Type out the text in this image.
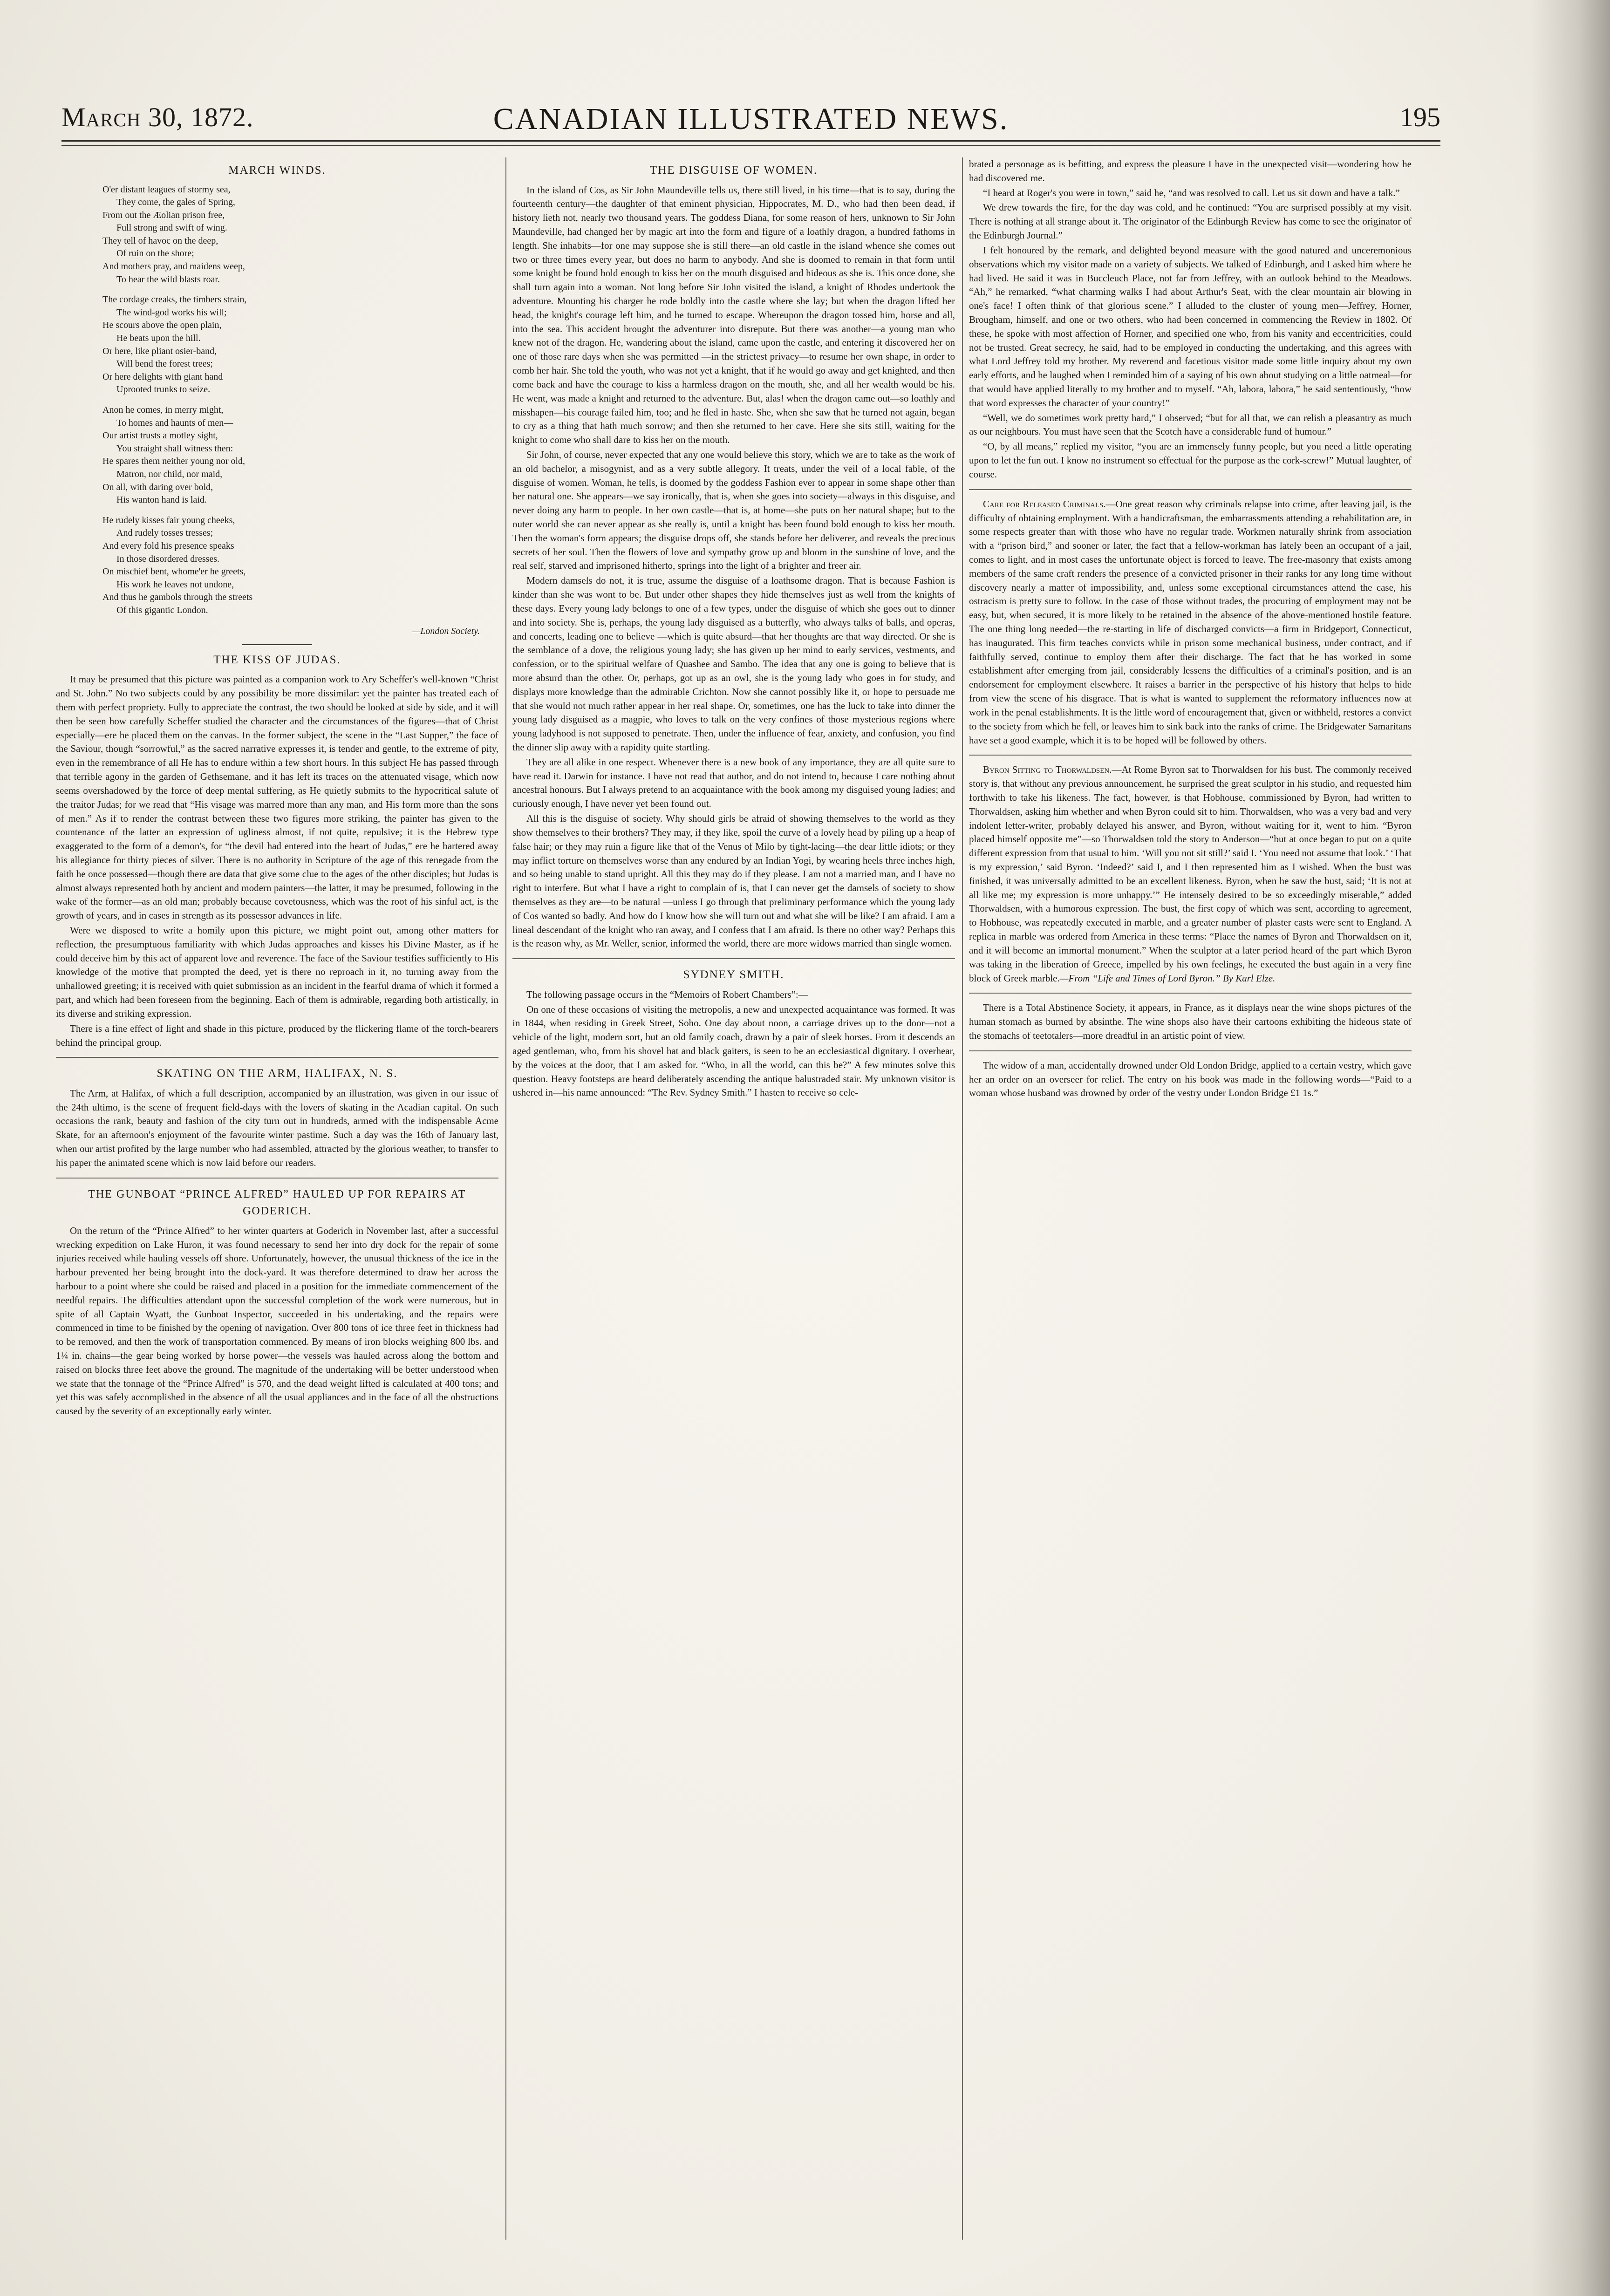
CANADIAN ILLUSTRATED NEWS.
March 30, 1872.	195
MARCH WINDS.
O'er distant leagues of stormy sea,
They come, the gales of Spring,
From out the Æolian prison free,
Full strong and swift of wing.
They tell of havoc on the deep,
Of ruin on the shore;
And mothers pray, and maidens weep,
To hear the wild blasts roar.
The cordage creaks, the timbers strain,
The wind-god works his will;
He scours above the open plain,
He beats upon the hill.
Or here, like pliant osier-band,
Will bend the forest trees;
Or here delights with giant hand
Uprooted trunks to seize.
Anon he comes, in merry might,
To homes and haunts of men—
Our artist trusts a motley sight,
You straight shall witness then:
He spares them neither young nor old,
Matron, nor child, nor maid,
On all, with daring over bold,
His wanton hand is laid.
He rudely kisses fair young cheeks,
And rudely tosses tresses;
And every fold his presence speaks
In those disordered dresses.
On mischief bent, whome'er he greets,
His work he leaves not undone,
And thus he gambols through the streets
Of this gigantic London.
—London Society.
THE KISS OF JUDAS.

It may be presumed that this picture was painted as a companion work to Ary Scheffer's well-known “Christ and St. John.” No two subjects could by any possibility be more dissimilar: yet the painter has treated each of them with perfect propriety. Fully to appreciate the contrast, the two should be looked at side by side, and it will then be seen how carefully Scheffer studied the character and the circumstances of the figures—that of Christ especially—ere he placed them on the canvas. In the former subject, the scene in the “Last Supper,” the face of the Saviour, though “sorrowful,” as the sacred narrative expresses it, is tender and gentle, to the extreme of pity, even in the remembrance of all He has to endure within a few short hours. In this subject He has passed through that terrible agony in the garden of Gethsemane, and it has left its traces on the attenuated visage, which now seems overshadowed by the force of deep mental suffering, as He quietly submits to the hypocritical salute of the traitor Judas; for we read that “His visage was marred more than any man, and His form more than the sons of men.” As if to render the contrast between these two figures more striking, the painter has given to the countenance of the latter an expression of ugliness almost, if not quite, repulsive; it is the Hebrew type exaggerated to the form of a demon's, for “the devil had entered into the heart of Judas,” ere he bartered away his allegiance for thirty pieces of silver. There is no authority in Scripture of the age of this renegade from the faith he once possessed—though there are data that give some clue to the ages of the other disciples; but Judas is almost always represented both by ancient and modern painters—the latter, it may be presumed, following in the wake of the former—as an old man; probably because covetousness, which was the root of his sinful act, is the growth of years, and in cases in strength as its possessor advances in life.

Were we disposed to write a homily upon this picture, we might point out, among other matters for reflection, the presumptuous familiarity with which Judas approaches and kisses his Divine Master, as if he could deceive him by this act of apparent love and reverence. The face of the Saviour testifies sufficiently to His knowledge of the motive that prompted the deed, yet is there no reproach in it, no turning away from the unhallowed greeting; it is received with quiet submission as an incident in the fearful drama of which it formed a part, and which had been foreseen from the beginning. Each of them is admirable, regarding both artistically, in its diverse and striking expression.

There is a fine effect of light and shade in this picture, produced by the flickering flame of the torch-bearers behind the principal group.

SKATING ON THE ARM, HALIFAX, N. S.

The Arm, at Halifax, of which a full description, accompanied by an illustration, was given in our issue of the 24th ultimo, is the scene of frequent field-days with the lovers of skating in the Acadian capital. On such occasions the rank, beauty and fashion of the city turn out in hundreds, armed with the indispensable Acme Skate, for an afternoon's enjoyment of the favourite winter pastime. Such a day was the 16th of January last, when our artist profited by the large number who had assembled, attracted by the glorious weather, to transfer to his paper the animated scene which is now laid before our readers.

THE GUNBOAT “PRINCE ALFRED” HAULED UP FOR REPAIRS AT GODERICH.

On the return of the “Prince Alfred” to her winter quarters at Goderich in November last, after a successful wrecking expedition on Lake Huron, it was found necessary to send her into dry dock for the repair of some injuries received while hauling vessels off shore. Unfortunately, however, the unusual thickness of the ice in the harbour prevented her being brought into the dock-yard. It was therefore determined to draw her across the harbour to a point where she could be raised and placed in a position for the immediate commencement of the needful repairs. The difficulties attendant upon the successful completion of the work were numerous, but in spite of all Captain Wyatt, the Gunboat Inspector, succeeded in his undertaking, and the repairs were commenced in time to be finished by the opening of navigation. Over 800 tons of ice three feet in thickness had to be removed, and then the work of transportation commenced. By means of iron blocks weighing 800 lbs. and 1¼ in. chains—the gear being worked by horse power—the vessels was hauled across along the bottom and raised on blocks three feet above the ground. The magnitude of the undertaking will be better understood when we state that the tonnage of the “Prince Alfred” is 570, and the dead weight lifted is calculated at 400 tons; and yet this was safely accomplished in the absence of all the usual appliances and in the face of all the obstructions caused by the severity of an exceptionally early winter.

THE DISGUISE OF WOMEN.

In the island of Cos, as Sir John Maundeville tells us, there still lived, in his time—that is to say, during the fourteenth century—the daughter of that eminent physician, Hippocrates, M. D., who had then been dead, if history lieth not, nearly two thousand years. The goddess Diana, for some reason of hers, unknown to Sir John Maundeville, had changed her by magic art into the form and figure of a loathly dragon, a hundred fathoms in length. She inhabits—for one may suppose she is still there—an old castle in the island whence she comes out two or three times every year, but does no harm to anybody. And she is doomed to remain in that form until some knight be found bold enough to kiss her on the mouth disguised and hideous as she is. This once done, she shall turn again into a woman. Not long before Sir John visited the island, a knight of Rhodes undertook the adventure. Mounting his charger he rode boldly into the castle where she lay; but when the dragon lifted her head, the knight's courage left him, and he turned to escape. Whereupon the dragon tossed him, horse and all, into the sea. This accident brought the adventurer into disrepute. But there was another—a young man who knew not of the dragon. He, wandering about the island, came upon the castle, and entering it discovered her on one of those rare days when she was permitted —in the strictest privacy—to resume her own shape, in order to comb her hair. She told the youth, who was not yet a knight, that if he would go away and get knighted, and then come back and have the courage to kiss a harmless dragon on the mouth, she, and all her wealth would be his. He went, was made a knight and returned to the adventure. But, alas! when the dragon came out—so loathly and misshapen—his courage failed him, too; and he fled in haste. She, when she saw that he turned not again, began to cry as a thing that hath much sorrow; and then she returned to her cave. Here she sits still, waiting for the knight to come who shall dare to kiss her on the mouth.

Sir John, of course, never expected that any one would believe this story, which we are to take as the work of an old bachelor, a misogynist, and as a very subtle allegory. It treats, under the veil of a local fable, of the disguise of women. Woman, he tells, is doomed by the goddess Fashion ever to appear in some shape other than her natural one. She appears—we say ironically, that is, when she goes into society—always in this disguise, and never doing any harm to people. In her own castle—that is, at home—she puts on her natural shape; but to the outer world she can never appear as she really is, until a knight has been found bold enough to kiss her mouth. Then the woman's form appears; the disguise drops off, she stands before her deliverer, and reveals the precious secrets of her soul. Then the flowers of love and sympathy grow up and bloom in the sunshine of love, and the real self, starved and imprisoned hitherto, springs into the light of a brighter and freer air.

Modern damsels do not, it is true, assume the disguise of a loathsome dragon. That is because Fashion is kinder than she was wont to be. But under other shapes they hide themselves just as well from the knights of these days. Every young lady belongs to one of a few types, under the disguise of which she goes out to dinner and into society. She is, perhaps, the young lady disguised as a butterfly, who always talks of balls, and operas, and concerts, leading one to believe —which is quite absurd—that her thoughts are that way directed. Or she is the semblance of a dove, the religious young lady; she has given up her mind to early services, vestments, and confession, or to the spiritual welfare of Quashee and Sambo. The idea that any one is going to believe that is more absurd than the other. Or, perhaps, got up as an owl, she is the young lady who goes in for study, and displays more knowledge than the admirable Crichton. Now she cannot possibly like it, or hope to persuade me that she would not much rather appear in her real shape. Or, sometimes, one has the luck to take into dinner the young lady disguised as a magpie, who loves to talk on the very confines of those mysterious regions where young ladyhood is not supposed to penetrate. Then, under the influence of fear, anxiety, and confusion, you find the dinner slip away with a rapidity quite startling.

They are all alike in one respect. Whenever there is a new book of any importance, they are all quite sure to have read it. Darwin for instance. I have not read that author, and do not intend to, because I care nothing about ancestral honours. But I always pretend to an acquaintance with the book among my disguised young ladies; and curiously enough, I have never yet been found out.

All this is the disguise of society. Why should girls be afraid of showing themselves to the world as they show themselves to their brothers? They may, if they like, spoil the curve of a lovely head by piling up a heap of false hair; or they may ruin a figure like that of the Venus of Milo by tight-lacing—the dear little idiots; or they may inflict torture on themselves worse than any endured by an Indian Yogi, by wearing heels three inches high, and so being unable to stand upright. All this they may do if they please. I am not a married man, and I have no right to interfere. But what I have a right to complain of is, that I can never get the damsels of society to show themselves as they are—to be natural —unless I go through that preliminary performance which the young lady of Cos wanted so badly. And how do I know how she will turn out and what she will be like? I am afraid. I am a lineal descendant of the knight who ran away, and I confess that I am afraid. Is there no other way? Perhaps this is the reason why, as Mr. Weller, senior, informed the world, there are more widows married than single women.

SYDNEY SMITH.

The following passage occurs in the “Memoirs of Robert Chambers”:—

On one of these occasions of visiting the metropolis, a new and unexpected acquaintance was formed. It was in 1844, when residing in Greek Street, Soho. One day about noon, a carriage drives up to the door—not a vehicle of the light, modern sort, but an old family coach, drawn by a pair of sleek horses. From it descends an aged gentleman, who, from his shovel hat and black gaiters, is seen to be an ecclesiastical dignitary. I overhear, by the voices at the door, that I am asked for. “Who, in all the world, can this be?” A few minutes solve this question. Heavy footsteps are heard deliberately ascending the antique balustraded stair. My unknown visitor is ushered in—his name announced: “The Rev. Sydney Smith.” I hasten to receive so cele-

brated a personage as is befitting, and express the pleasure I have in the unexpected visit—wondering how he had discovered me.

“I heard at Roger's you were in town,” said he, “and was resolved to call. Let us sit down and have a talk.”

We drew towards the fire, for the day was cold, and he continued: “You are surprised possibly at my visit. There is nothing at all strange about it. The originator of the Edinburgh Review has come to see the originator of the Edinburgh Journal.”

I felt honoured by the remark, and delighted beyond measure with the good natured and unceremonious observations which my visitor made on a variety of subjects. We talked of Edinburgh, and I asked him where he had lived. He said it was in Buccleuch Place, not far from Jeffrey, with an outlook behind to the Meadows. “Ah,” he remarked, “what charming walks I had about Arthur's Seat, with the clear mountain air blowing in one's face! I often think of that glorious scene.” I alluded to the cluster of young men—Jeffrey, Horner, Brougham, himself, and one or two others, who had been concerned in commencing the Review in 1802. Of these, he spoke with most affection of Horner, and specified one who, from his vanity and eccentricities, could not be trusted. Great secrecy, he said, had to be employed in conducting the undertaking, and this agrees with what Lord Jeffrey told my brother. My reverend and facetious visitor made some little inquiry about my own early efforts, and he laughed when I reminded him of a saying of his own about studying on a little oatmeal—for that would have applied literally to my brother and to myself. “Ah, labora, labora,” he said sententiously, “how that word expresses the character of your country!”

“Well, we do sometimes work pretty hard,” I observed; “but for all that, we can relish a pleasantry as much as our neighbours. You must have seen that the Scotch have a considerable fund of humour.”

“O, by all means,” replied my visitor, “you are an immensely funny people, but you need a little operating upon to let the fun out. I know no instrument so effectual for the purpose as the cork-screw!” Mutual laughter, of course.

Care for Released Criminals.—One great reason why criminals relapse into crime, after leaving jail, is the difficulty of obtaining employment. With a handicraftsman, the embarrassments attending a rehabilitation are, in some respects greater than with those who have no regular trade. Workmen naturally shrink from association with a “prison bird,” and sooner or later, the fact that a fellow-workman has lately been an occupant of a jail, comes to light, and in most cases the unfortunate object is forced to leave. The free-masonry that exists among members of the same craft renders the presence of a convicted prisoner in their ranks for any long time without discovery nearly a matter of impossibility, and, unless some exceptional circumstances attend the case, his ostracism is pretty sure to follow. In the case of those without trades, the procuring of employment may not be easy, but, when secured, it is more likely to be retained in the absence of the above-mentioned hostile feature. The one thing long needed—the re-starting in life of discharged convicts—a firm in Bridgeport, Connecticut, has inaugurated. This firm teaches convicts while in prison some mechanical business, under contract, and if faithfully served, continue to employ them after their discharge. The fact that he has worked in some establishment after emerging from jail, considerably lessens the difficulties of a criminal's position, and is an endorsement for employment elsewhere. It raises a barrier in the perspective of his history that helps to hide from view the scene of his disgrace. That is what is wanted to supplement the reformatory influences now at work in the penal establishments. It is the little word of encouragement that, given or withheld, restores a convict to the society from which he fell, or leaves him to sink back into the ranks of crime. The Bridgewater Samaritans have set a good example, which it is to be hoped will be followed by others.

Byron Sitting to Thorwaldsen.—At Rome Byron sat to Thorwaldsen for his bust. The commonly received story is, that without any previous announcement, he surprised the great sculptor in his studio, and requested him forthwith to take his likeness. The fact, however, is that Hobhouse, commissioned by Byron, had written to Thorwaldsen, asking him whether and when Byron could sit to him. Thorwaldsen, who was a very bad and very indolent letter-writer, probably delayed his answer, and Byron, without waiting for it, went to him. “Byron placed himself opposite me”—so Thorwaldsen told the story to Anderson—“but at once began to put on a quite different expression from that usual to him. ‘Will you not sit still?’ said I. ‘You need not assume that look.’ ‘That is my expression,’ said Byron. ‘Indeed?’ said I, and I then represented him as I wished. When the bust was finished, it was universally admitted to be an excellent likeness. Byron, when he saw the bust, said; ‘It is not at all like me; my expression is more unhappy.’” He intensely desired to be so exceedingly miserable,” added Thorwaldsen, with a humorous expression. The bust, the first copy of which was sent, according to agreement, to Hobhouse, was repeatedly executed in marble, and a greater number of plaster casts were sent to England. A replica in marble was ordered from America in these terms: “Place the names of Byron and Thorwaldsen on it, and it will become an immortal monument.” When the sculptor at a later period heard of the part which Byron was taking in the liberation of Greece, impelled by his own feelings, he executed the bust again in a very fine block of Greek marble.—From “Life and Times of Lord Byron.” By Karl Elze.

There is a Total Abstinence Society, it appears, in France, as it displays near the wine shops pictures of the human stomach as burned by absinthe. The wine shops also have their cartoons exhibiting the hideous state of the stomachs of teetotalers—more dreadful in an artistic point of view.

The widow of a man, accidentally drowned under Old London Bridge, applied to a certain vestry, which gave her an order on an overseer for relief. The entry on his book was made in the following words—“Paid to a woman whose husband was drowned by order of the vestry under London Bridge £1 1s.”
